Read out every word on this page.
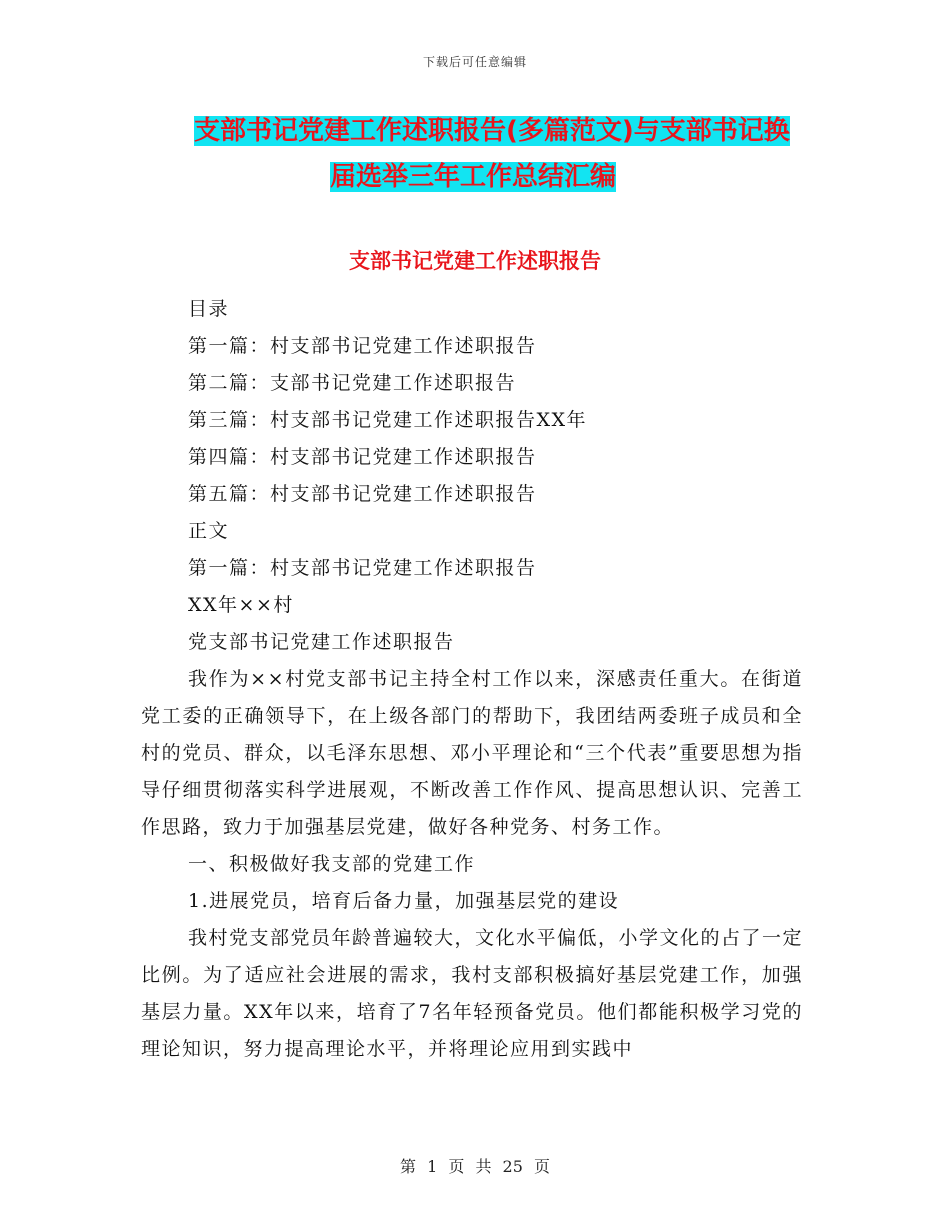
下载后可任意编辑
支部书记党建工作述职报告(多篇范文)与支部书记换
届选举三年工作总结汇编
支部书记党建工作述职报告

目录

第一篇：村支部书记党建工作述职报告

第二篇：支部书记党建工作述职报告

第三篇：村支部书记党建工作述职报告XX年

第四篇：村支部书记党建工作述职报告

第五篇：村支部书记党建工作述职报告

正文

第一篇：村支部书记党建工作述职报告

XX年××村

党支部书记党建工作述职报告

我作为××村党支部书记主持全村工作以来，深感责任重大。在街道党工委的正确领导下，在上级各部门的帮助下，我团结两委班子成员和全村的党员、群众，以毛泽东思想、邓小平理论和“三个代表”重要思想为指导仔细贯彻落实科学进展观，不断改善工作作风、提高思想认识、完善工作思路，致力于加强基层党建，做好各种党务、村务工作。

一、积极做好我支部的党建工作

1.进展党员，培育后备力量，加强基层党的建设

我村党支部党员年龄普遍较大，文化水平偏低，小学文化的占了一定比例。为了适应社会进展的需求，我村支部积极搞好基层党建工作，加强基层力量。XX年以来，培育了7名年轻预备党员。他们都能积极学习党的理论知识，努力提高理论水平，并将理论应用到实践中

第 1 页 共 25 页
